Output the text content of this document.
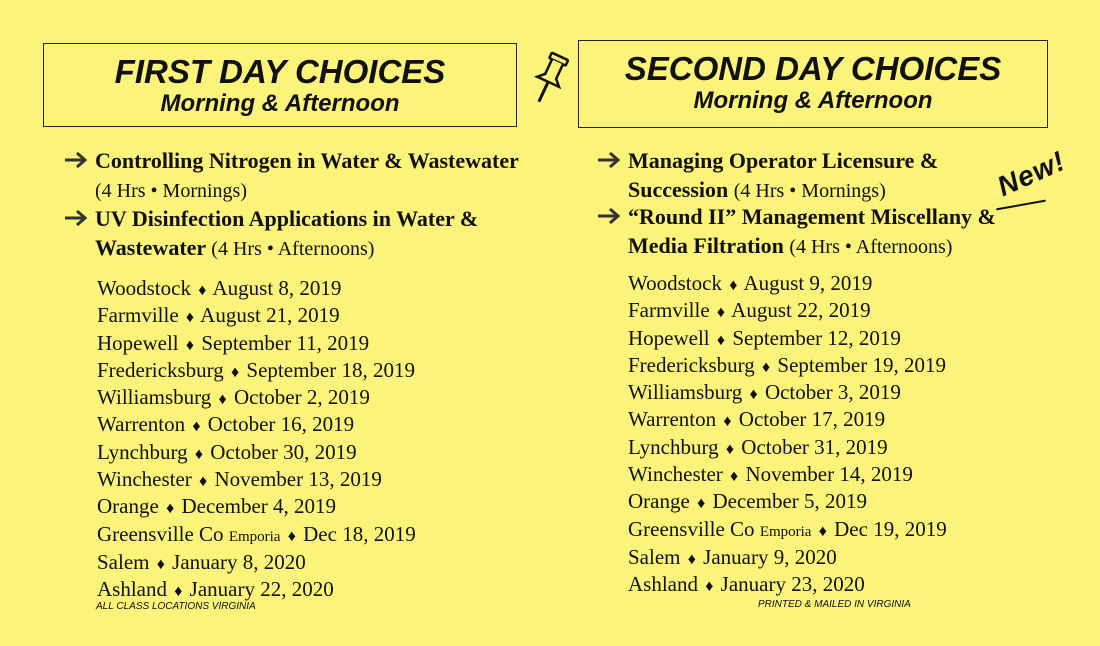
FIRST DAY CHOICES
Morning & Afternoon
SECOND DAY CHOICES
Morning & Afternoon
Controlling Nitrogen in Water & Wastewater (4 Hrs • Mornings)
UV Disinfection Applications in Water & Wastewater (4 Hrs • Afternoons)
Managing Operator Licensure & Succession (4 Hrs • Mornings)
“Round II” Management Miscellany & Media Filtration (4 Hrs • Afternoons)
New!
Woodstock ♦ August 8, 2019
Farmville ♦ August 21, 2019
Hopewell ♦ September 11, 2019
Fredericksburg ♦ September 18, 2019
Williamsburg ♦ October 2, 2019
Warrenton ♦ October 16, 2019
Lynchburg ♦ October 30, 2019
Winchester ♦ November 13, 2019
Orange ♦ December 4, 2019
Greensville Co Emporia ♦ Dec 18, 2019
Salem ♦ January 8, 2020
Ashland ♦ January 22, 2020
Woodstock ♦ August 9, 2019
Farmville ♦ August 22, 2019
Hopewell ♦ September 12, 2019
Fredericksburg ♦ September 19, 2019
Williamsburg ♦ October 3, 2019
Warrenton ♦ October 17, 2019
Lynchburg ♦ October 31, 2019
Winchester ♦ November 14, 2019
Orange ♦ December 5, 2019
Greensville Co Emporia ♦ Dec 19, 2019
Salem ♦ January 9, 2020
Ashland ♦ January 23, 2020
ALL CLASS LOCATIONS VIRGINIA	PRINTED & MAILED IN VIRGINIA
